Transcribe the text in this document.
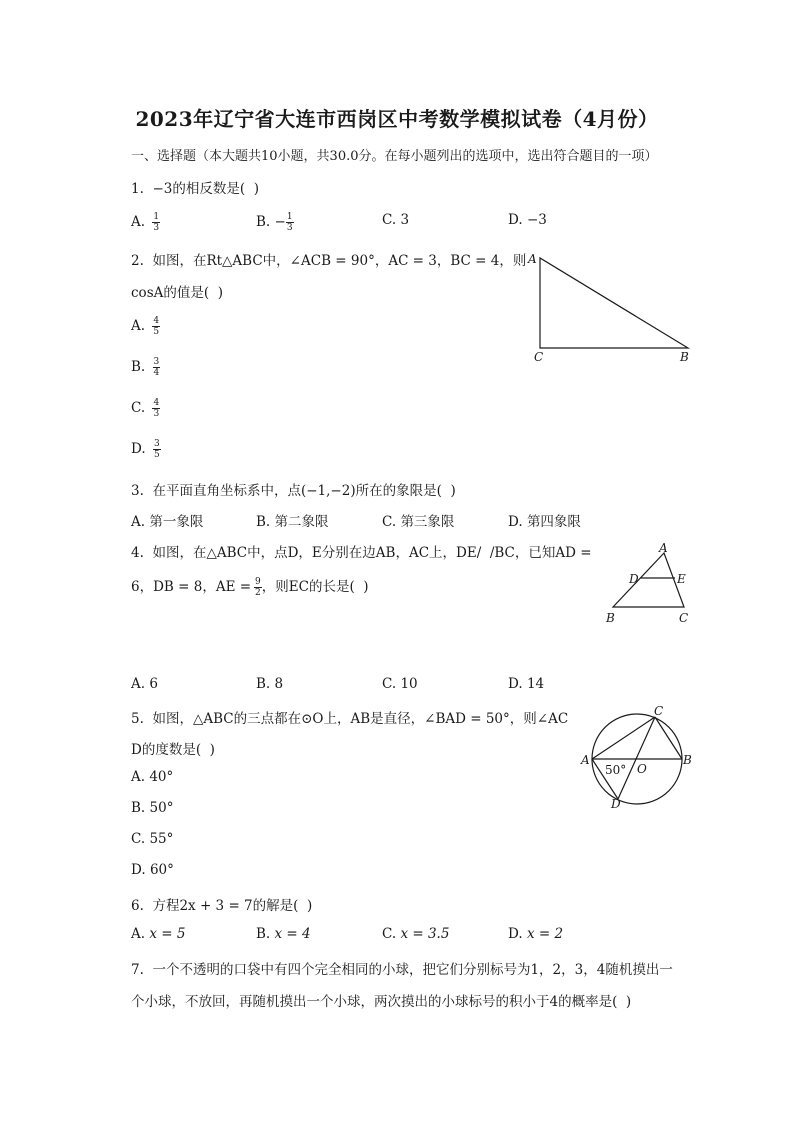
2023年辽宁省大连市西岗区中考数学模拟试卷（4月份）
一、选择题（本大题共10小题，共30.0分。在每小题列出的选项中，选出符合题目的一项）
1.  −3的相反数是(  )
A. $\frac{1}{3}$	B. − $\frac{1}{3}$	C. 3	D. −3
2.  如图，在Rt△ABC中，∠ACB = 90°，AC = 3，BC = 4，则
cosA的值是(  )
A
C	B
A. $\frac{4}{5}$
B. $\frac{3}{4}$
C. $\frac{4}{3}$
D. $\frac{3}{5}$
3.  在平面直角坐标系中，点(−1,−2)所在的象限是(  )
A. 第一象限	B. 第二象限	C. 第三象限	D. 第四象限
4.  如图，在△ABC中，点D，E分别在边AB，AC上，DE/  /BC，已知AD =
6，DB = 8，AE = $\frac{9}{2}$ ，则EC的长是(  )
A
D	E
B	C
A. 6	B. 8	C. 10	D. 14
5.  如图，△ABC的三点都在⊙O上，AB是直径，∠BAD = 50°，则∠AC
D的度数是(  )
C
A	B
O
D
50°
A. 40°
B. 50°
C. 55°
D. 60°
6.  方程2x + 3 = 7的解是(  )
A. x = 5	B. x = 4	C. x = 3.5	D. x = 2
7.  一个不透明的口袋中有四个完全相同的小球，把它们分别标号为1，2，3，4随机摸出一
个小球，不放回，再随机摸出一个小球，两次摸出的小球标号的积小于4的概率是(  )
